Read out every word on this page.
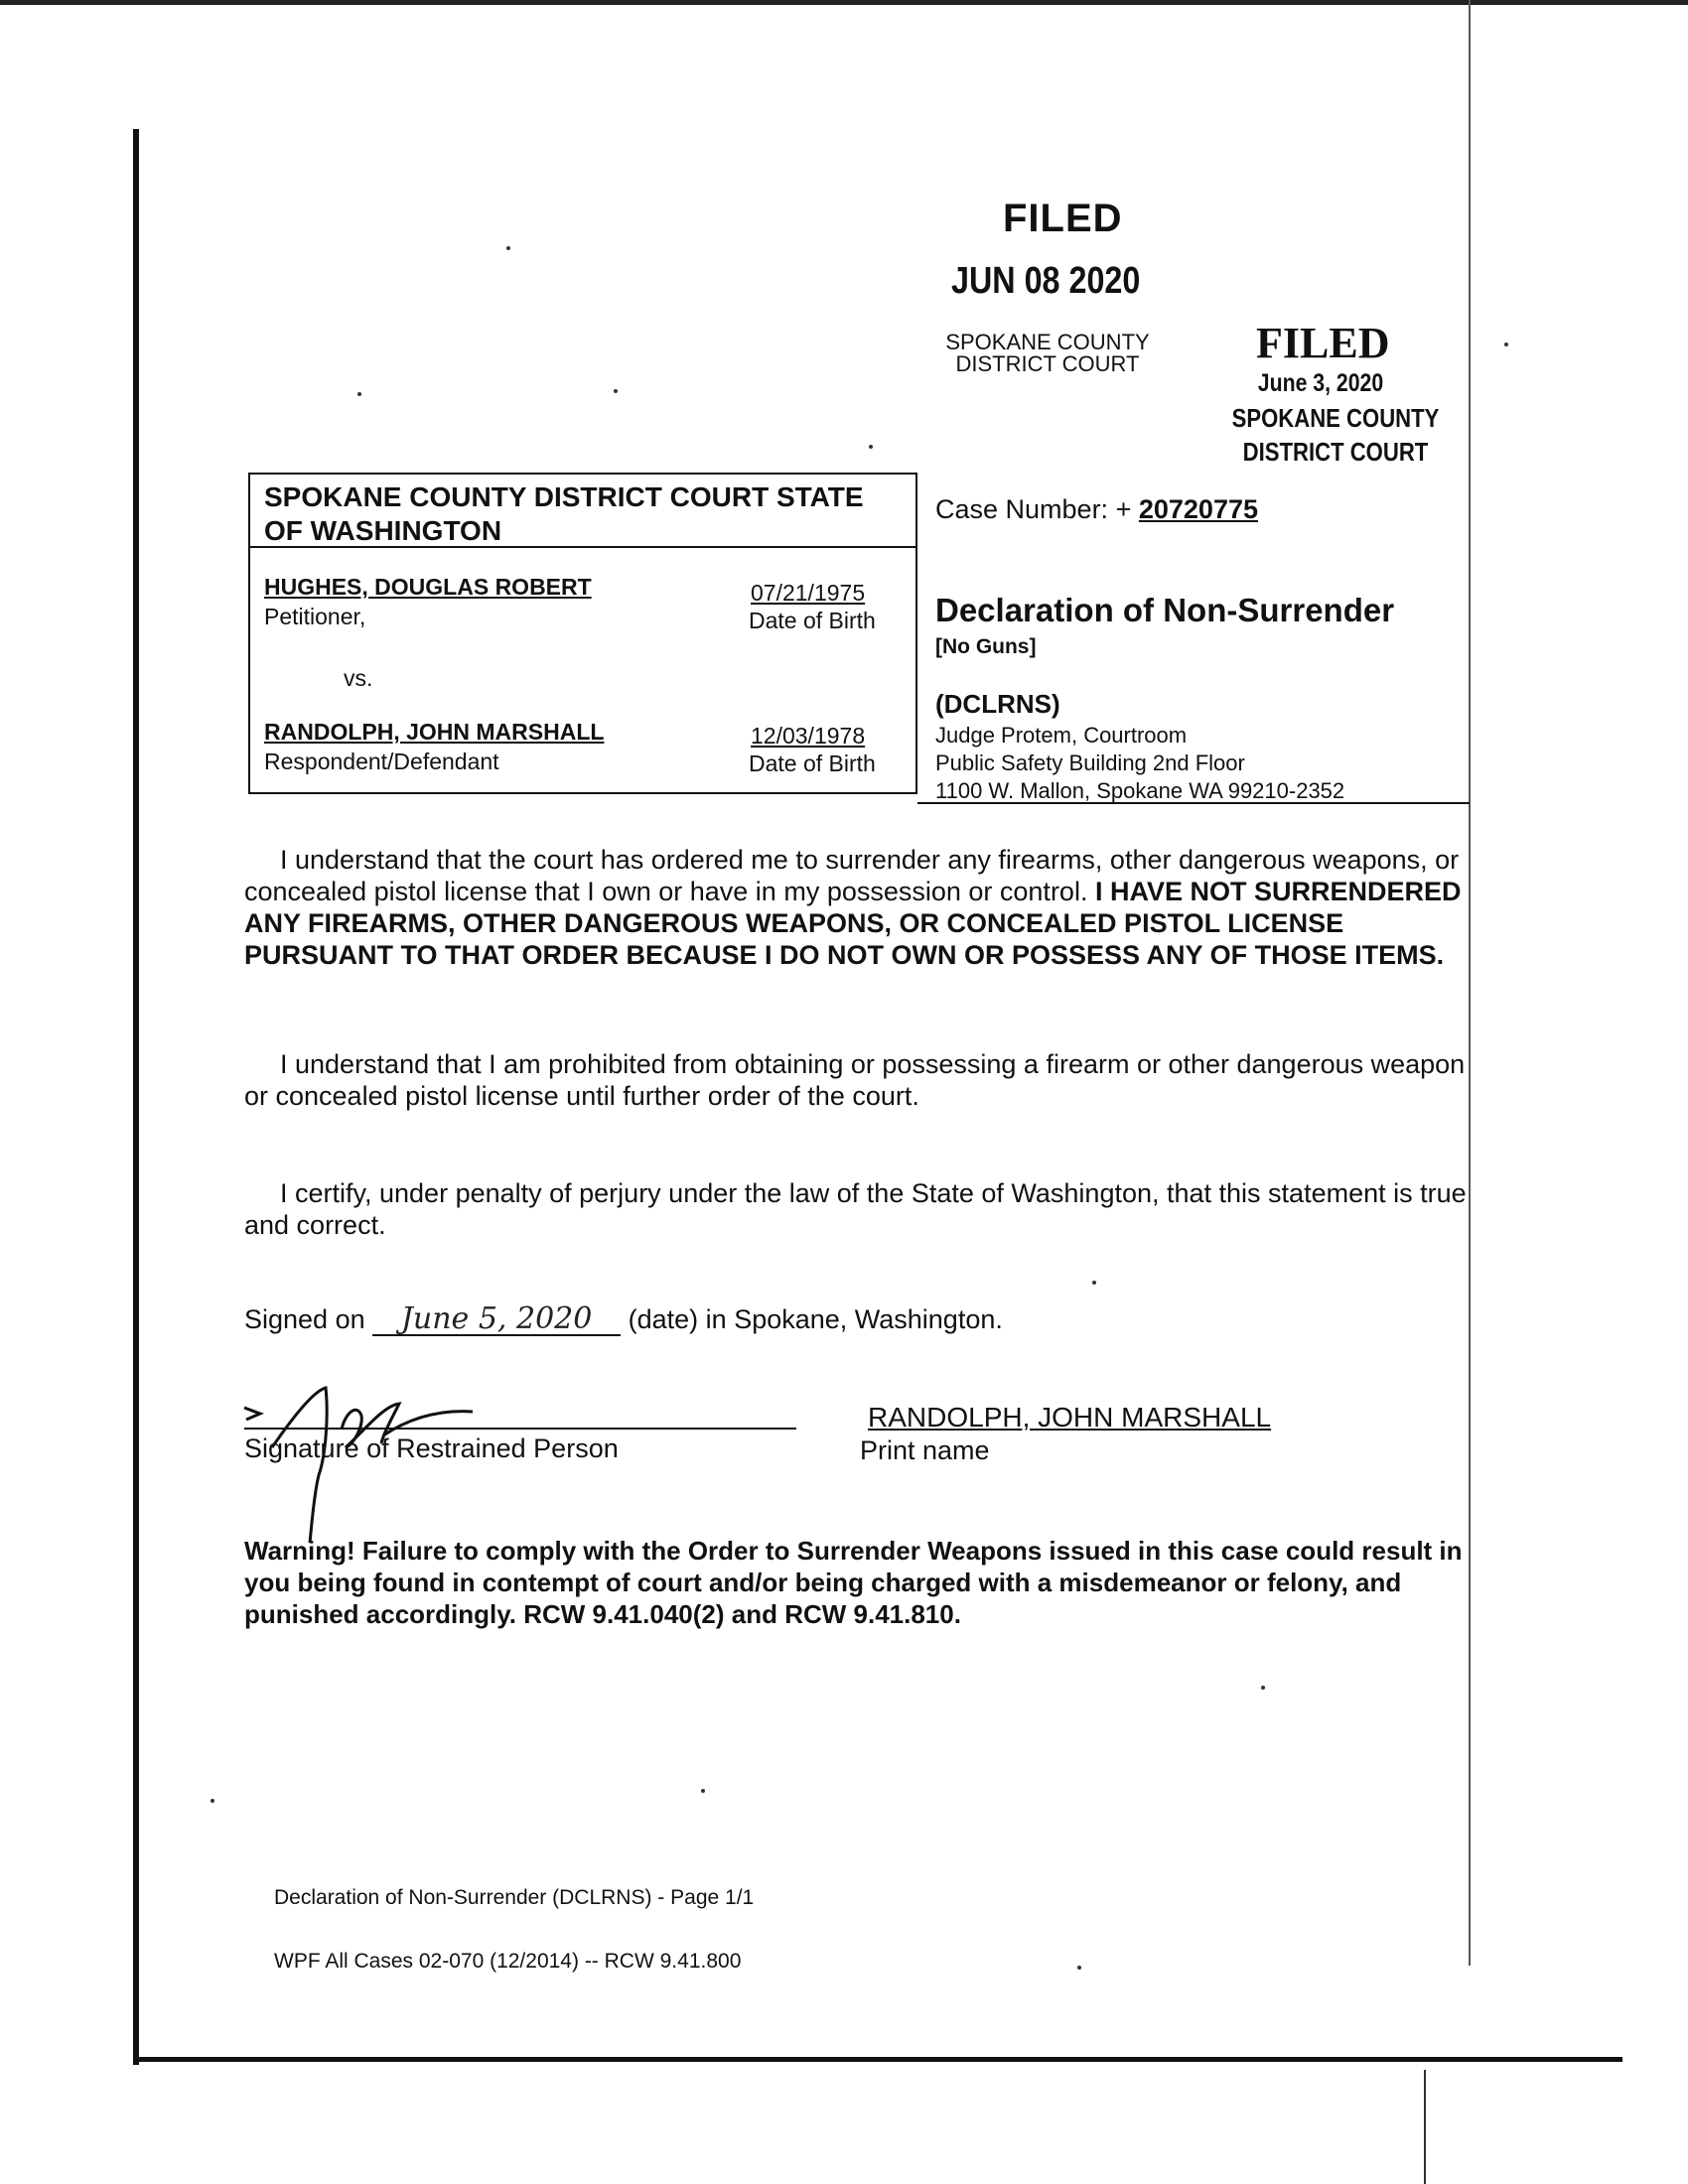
FILED
JUN 08 2020
SPOKANE COUNTY
DISTRICT COURT	FILED
June 3, 2020
SPOKANE COUNTY
DISTRICT COURT
SPOKANE COUNTY DISTRICT COURT STATE OF WASHINGTON
HUGHES, DOUGLAS ROBERT
Petitioner,
07/21/1975
Date of Birth
vs.
RANDOLPH, JOHN MARSHALL
Respondent/Defendant
12/03/1978
Date of Birth
Case Number: + 20720775
Declaration of Non-Surrender
[No Guns]
(DCLRNS)
Judge Protem, Courtroom
Public Safety Building 2nd Floor
1100 W. Mallon, Spokane WA 99210-2352
I understand that the court has ordered me to surrender any firearms, other dangerous weapons, or concealed pistol license that I own or have in my possession or control. I HAVE NOT SURRENDERED ANY FIREARMS, OTHER DANGEROUS WEAPONS, OR CONCEALED PISTOL LICENSE PURSUANT TO THAT ORDER BECAUSE I DO NOT OWN OR POSSESS ANY OF THOSE ITEMS.
I understand that I am prohibited from obtaining or possessing a firearm or other dangerous weapon or concealed pistol license until further order of the court.
I certify, under penalty of perjury under the law of the State of Washington, that this statement is true and correct.
Signed on June 5, 2020 (date) in Spokane, Washington.
Signature of Restrained Person
RANDOLPH, JOHN MARSHALL
Print name
Warning! Failure to comply with the Order to Surrender Weapons issued in this case could result in you being found in contempt of court and/or being charged with a misdemeanor or felony, and punished accordingly. RCW 9.41.040(2) and RCW 9.41.810.
Declaration of Non-Surrender (DCLRNS) - Page 1/1
WPF All Cases 02-070 (12/2014) -- RCW 9.41.800
